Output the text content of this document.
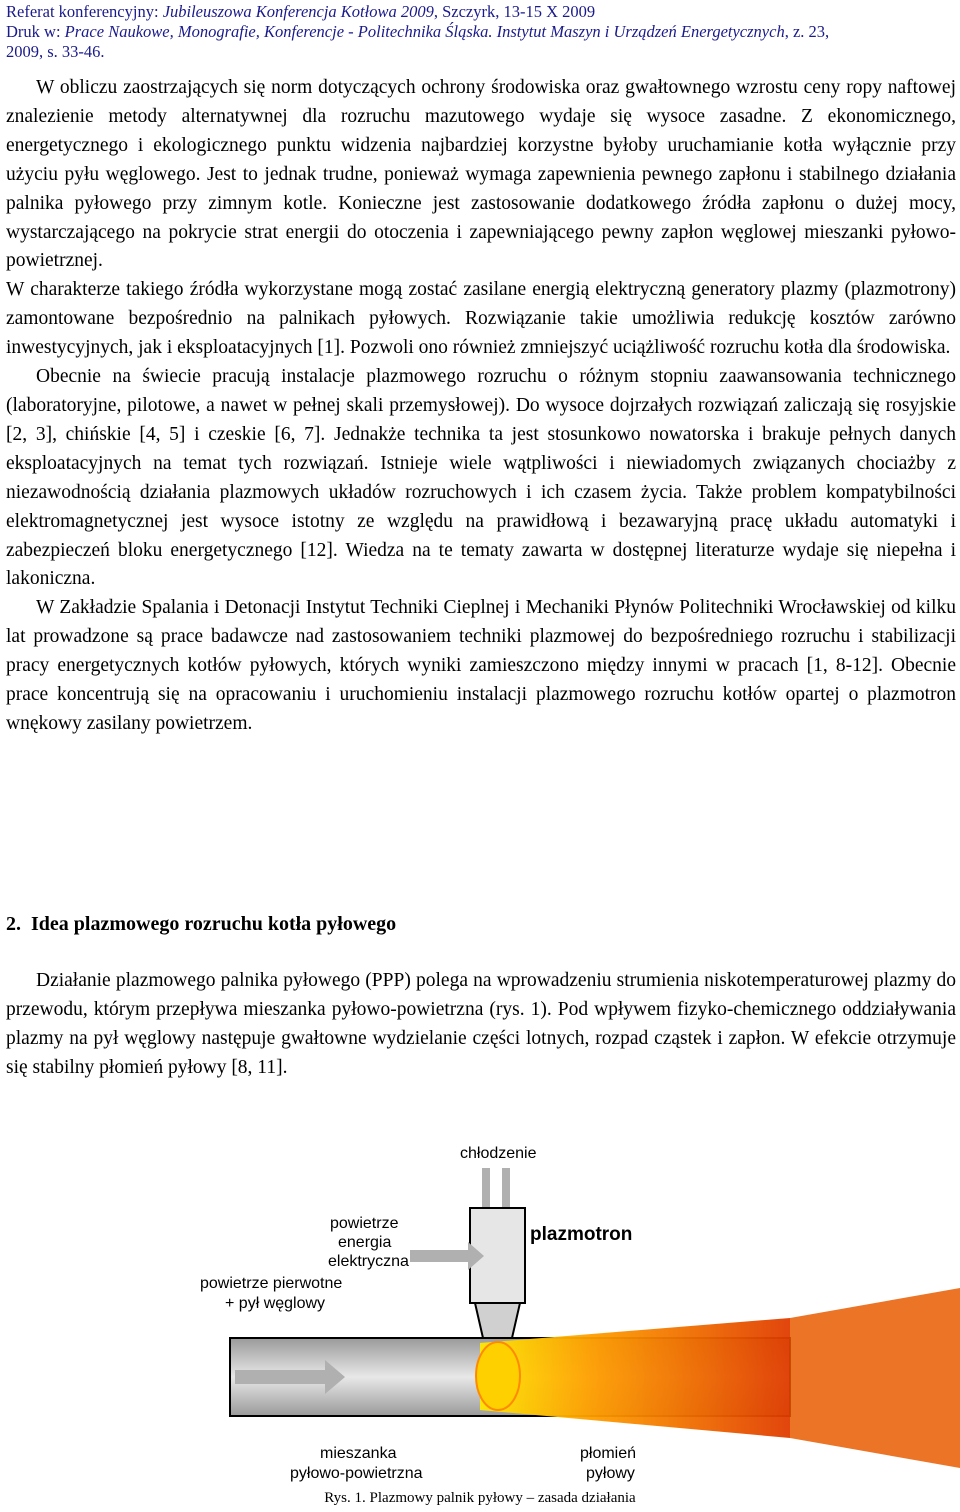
Referat konferencyjny: Jubileuszowa Konferencja Kotłowa 2009, Szczyrk, 13-15 X 2009
Druk w: Prace Naukowe, Monografie, Konferencje - Politechnika Śląska. Instytut Maszyn i Urządzeń Energetycznych, z. 23,
2009, s. 33-46.

W obliczu zaostrzających się norm dotyczących ochrony środowiska oraz gwałtownego wzrostu ceny ropy naftowej znalezienie metody alternatywnej dla rozruchu mazutowego wydaje się wysoce zasadne. Z ekonomicznego, energetycznego i ekologicznego punktu widzenia najbardziej korzystne byłoby uruchamianie kotła wyłącznie przy użyciu pyłu węglowego. Jest to jednak trudne, ponieważ wymaga zapewnienia pewnego zapłonu i stabilnego działania palnika pyłowego przy zimnym kotle. Konieczne jest zastosowanie dodatkowego źródła zapłonu o dużej mocy, wystarczającego na pokrycie strat energii do otoczenia i zapewniającego pewny zapłon węglowej mieszanki pyłowo-powietrznej.

W charakterze takiego źródła wykorzystane mogą zostać zasilane energią elektryczną generatory plazmy (plazmotrony) zamontowane bezpośrednio na palnikach pyłowych. Rozwiązanie takie umożliwia redukcję kosztów zarówno inwestycyjnych, jak i eksploatacyjnych [1]. Pozwoli ono również zmniejszyć uciążliwość rozruchu kotła dla środowiska.

Obecnie na świecie pracują instalacje plazmowego rozruchu o różnym stopniu zaawansowania technicznego (laboratoryjne, pilotowe, a nawet w pełnej skali przemysłowej). Do wysoce dojrzałych rozwiązań zaliczają się rosyjskie [2, 3], chińskie [4, 5] i czeskie [6, 7]. Jednakże technika ta jest stosunkowo nowatorska i brakuje pełnych danych eksploatacyjnych na temat tych rozwiązań. Istnieje wiele wątpliwości i niewiadomych związanych chociażby z niezawodnością działania plazmowych układów rozruchowych i ich czasem życia. Także problem kompatybilności elektromagnetycznej jest wysoce istotny ze względu na prawidłową i bezawaryjną pracę układu automatyki i zabezpieczeń bloku energetycznego [12]. Wiedza na te tematy zawarta w dostępnej literaturze wydaje się niepełna i lakoniczna.

W Zakładzie Spalania i Detonacji Instytut Techniki Cieplnej i Mechaniki Płynów Politechniki Wrocławskiej od kilku lat prowadzone są prace badawcze nad zastosowaniem techniki plazmowej do bezpośredniego rozruchu i stabilizacji pracy energetycznych kotłów pyłowych, których wyniki zamieszczono między innymi w pracach [1, 8-12]. Obecnie prace koncentrują się na opracowaniu i uruchomieniu instalacji plazmowego rozruchu kotłów opartej o plazmotron wnękowy zasilany powietrzem.

2. Idea plazmowego rozruchu kotła pyłowego

Działanie plazmowego palnika pyłowego (PPP) polega na wprowadzeniu strumienia niskotemperaturowej plazmy do przewodu, którym przepływa mieszanka pyłowo-powietrzna (rys. 1). Pod wpływem fizyko-chemicznego oddziaływania plazmy na pył węglowy następuje gwałtowne wydzielanie części lotnych, rozpad cząstek i zapłon. W efekcie otrzymuje się stabilny płomień pyłowy [8, 11].

chłodzenie
plazmotron
powietrze
energia
elektryczna
powietrze pierwotne
+ pył węglowy
mieszanka
pyłowo-powietrzna
płomień
pyłowy
Rys. 1. Plazmowy palnik pyłowy – zasada działania
